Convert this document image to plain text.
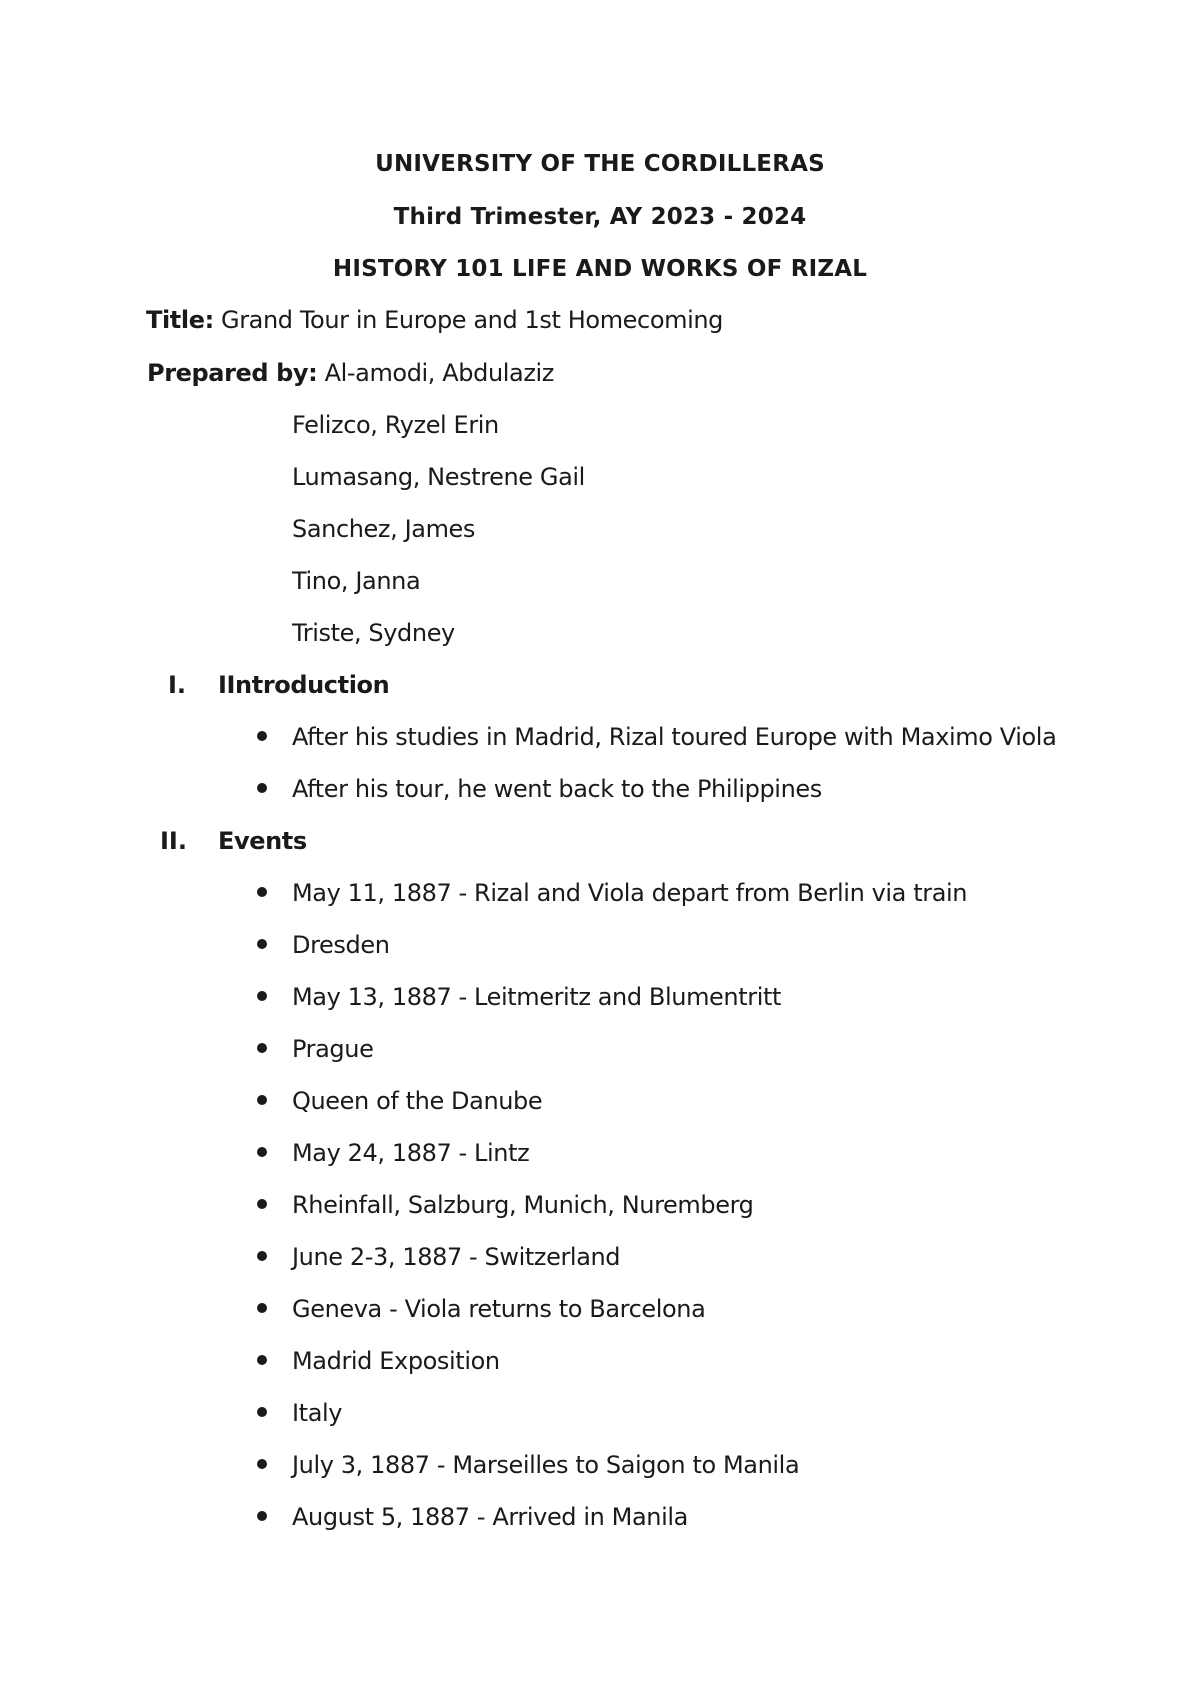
UNIVERSITY OF THE CORDILLERAS
Third Trimester, AY 2023 - 2024
HISTORY 101 LIFE AND WORKS OF RIZAL
Title: Grand Tour in Europe and 1st Homecoming
Prepared by: Al-amodi, Abdulaziz
Felizco, Ryzel Erin
Lumasang, Nestrene Gail
Sanchez, James
Tino, Janna
Triste, Sydney
I. IIntroduction
After his studies in Madrid, Rizal toured Europe with Maximo Viola
After his tour, he went back to the Philippines
II. Events
May 11, 1887 - Rizal and Viola depart from Berlin via train
Dresden
May 13, 1887 - Leitmeritz and Blumentritt
Prague
Queen of the Danube
May 24, 1887 - Lintz
Rheinfall, Salzburg, Munich, Nuremberg
June 2-3, 1887 - Switzerland
Geneva - Viola returns to Barcelona
Madrid Exposition
Italy
July 3, 1887 - Marseilles to Saigon to Manila
August 5, 1887 - Arrived in Manila
